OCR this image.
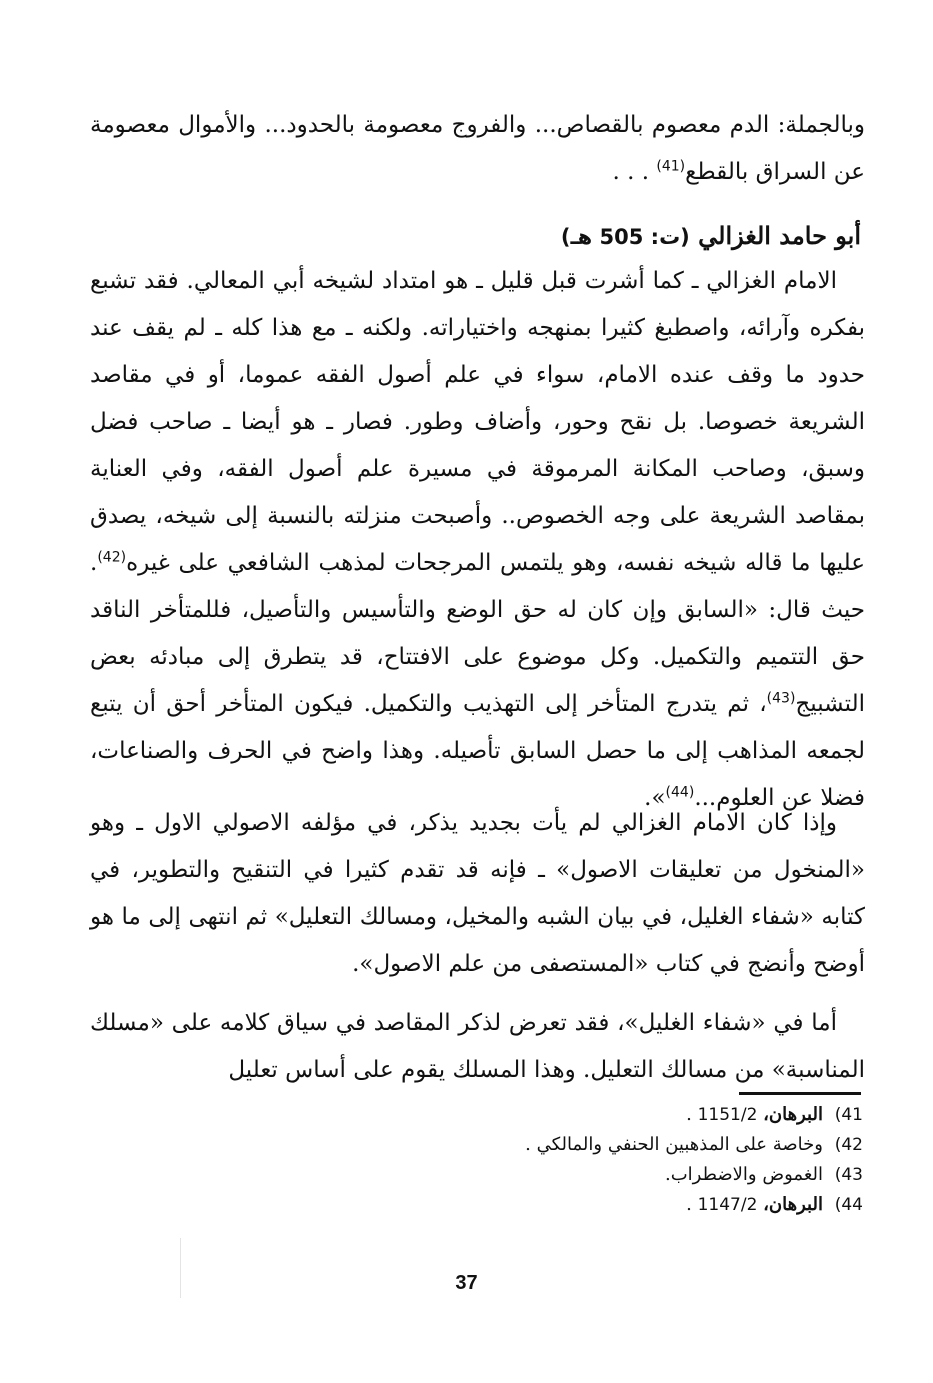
وبالجملة: الدم معصوم بالقصاص... والفروج معصومة بالحدود... والأموال معصومة عن السراق بالقطع$^{(41)}$ . . .

أبو حامد الغزالي (ت: 505 هـ)

الامام الغزالي ـ كما أشرت قبل قليل ـ هو امتداد لشيخه أبي المعالي. فقد تشبع بفكره وآرائه، واصطبغ كثيرا بمنهجه واختياراته. ولكنه ـ مع هذا كله ـ لم يقف عند حدود ما وقف عنده الامام، سواء في علم أصول الفقه عموما، أو في مقاصد الشريعة خصوصا. بل نقح وحور، وأضاف وطور. فصار ـ هو أيضا ـ صاحب فضل وسبق، وصاحب المكانة المرموقة في مسيرة علم أصول الفقه، وفي العناية بمقاصد الشريعة على وجه الخصوص.. وأصبحت منزلته بالنسبة إلى شيخه، يصدق عليها ما قاله شيخه نفسه، وهو يلتمس المرجحات لمذهب الشافعي على غيره$^{(42)}$. حيث قال: «السابق وإن كان له حق الوضع والتأسيس والتأصيل، فللمتأخر الناقد حق التتميم والتكميل. وكل موضوع على الافتتاح، قد يتطرق إلى مبادئه بعض التشبيج$^{(43)}$، ثم يتدرج المتأخر إلى التهذيب والتكميل. فيكون المتأخر أحق أن يتبع لجمعه المذاهب إلى ما حصل السابق تأصيله. وهذا واضح في الحرف والصناعات، فضلا عن العلوم...$^{(44)}$».

وإذا كان الامام الغزالي لم يأت بجديد يذكر، في مؤلفه الاصولي الاول ـ وهو «المنخول من تعليقات الاصول» ـ فإنه قد تقدم كثيرا في التنقيح والتطوير، في كتابه «شفاء الغليل، في بيان الشبه والمخيل، ومسالك التعليل» ثم انتهى إلى ما هو أوضح وأنضج في كتاب «المستصفى من علم الاصول».

أما في «شفاء الغليل»، فقد تعرض لذكر المقاصد في سياق كلامه على «مسلك المناسبة» من مسالك التعليل. وهذا المسلك يقوم على أساس تعليل

41) البرهان، 1151/2 .
42) وخاصة على المذهبين الحنفي والمالكي .
43) الغموض والاضطراب.
44) البرهان، 1147/2 .
37
